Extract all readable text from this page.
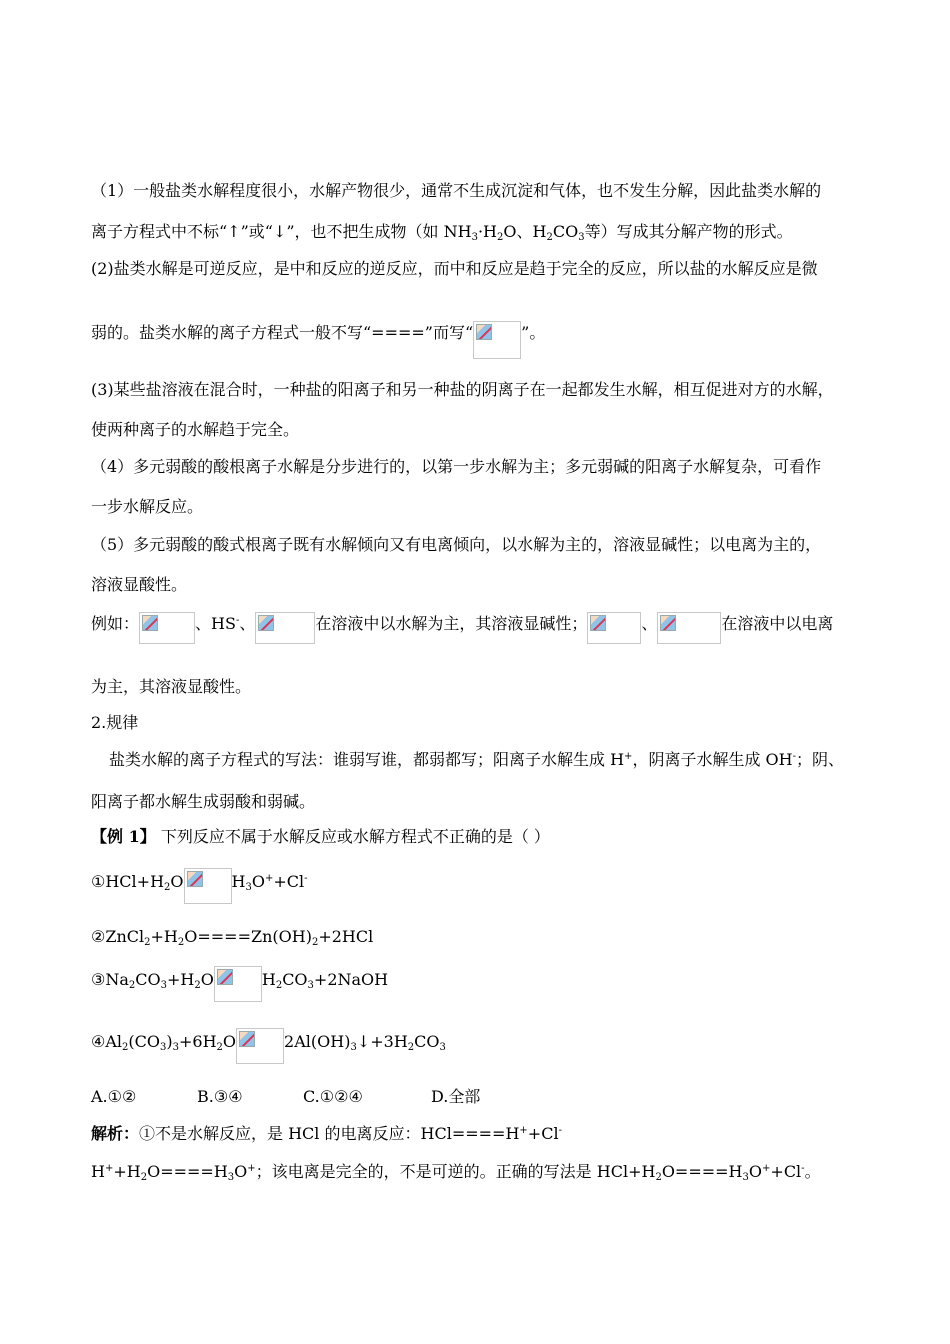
（1）一般盐类水解程度很小，水解产物很少，通常不生成沉淀和气体，也不发生分解，因此盐类水解的
离子方程式中不标“↑”或“↓”，也不把生成物（如 $NH_3\cdot H_2O$、$H_2CO_3$等）写成其分解产物的形式。
(2)盐类水解是可逆反应，是中和反应的逆反应，而中和反应是趋于完全的反应，所以盐的水解反应是微
弱的。盐类水解的离子方程式一般不写“====”而写“	”。
(3)某些盐溶液在混合时，一种盐的阳离子和另一种盐的阴离子在一起都发生水解，相互促进对方的水解，
使两种离子的水解趋于完全。
（4）多元弱酸的酸根离子水解是分步进行的，以第一步水解为主；多元弱碱的阳离子水解复杂，可看作
一步水解反应。
（5）多元弱酸的酸式根离子既有水解倾向又有电离倾向，以水解为主的，溶液显碱性；以电离为主的，
溶液显酸性。
例如：	、HS-、	在溶液中以水解为主，其溶液显碱性；	、	在溶液中以电离
为主，其溶液显酸性。
2.规律
盐类水解的离子方程式的写法：谁弱写谁，都弱都写；阳离子水解生成 H+，阴离子水解生成 OH-；阴、
阳离子都水解生成弱酸和弱碱。
【例 1】 下列反应不属于水解反应或水解方程式不正确的是（ ）
$①HCl+H_2O$	$H_3O^++Cl^-$
$②ZnCl_2+H_2O====Zn(OH)_2+2HCl$
$③Na_2CO_3+H_2O$	$H_2CO_3+2NaOH$
$④Al_2(CO_3)_3+6H_2O$	$2Al(OH)_3↓+3H_2CO_3$
A.①②	B.③④	C.①②④	D.全部
解析：①不是水解反应，是 HCl 的电离反应：HCl====H++Cl-
$H^++H_2O====H_3O^+$；该电离是完全的，不是可逆的。正确的写法是 $HCl+H_2O====H_3O^++Cl^-$。
